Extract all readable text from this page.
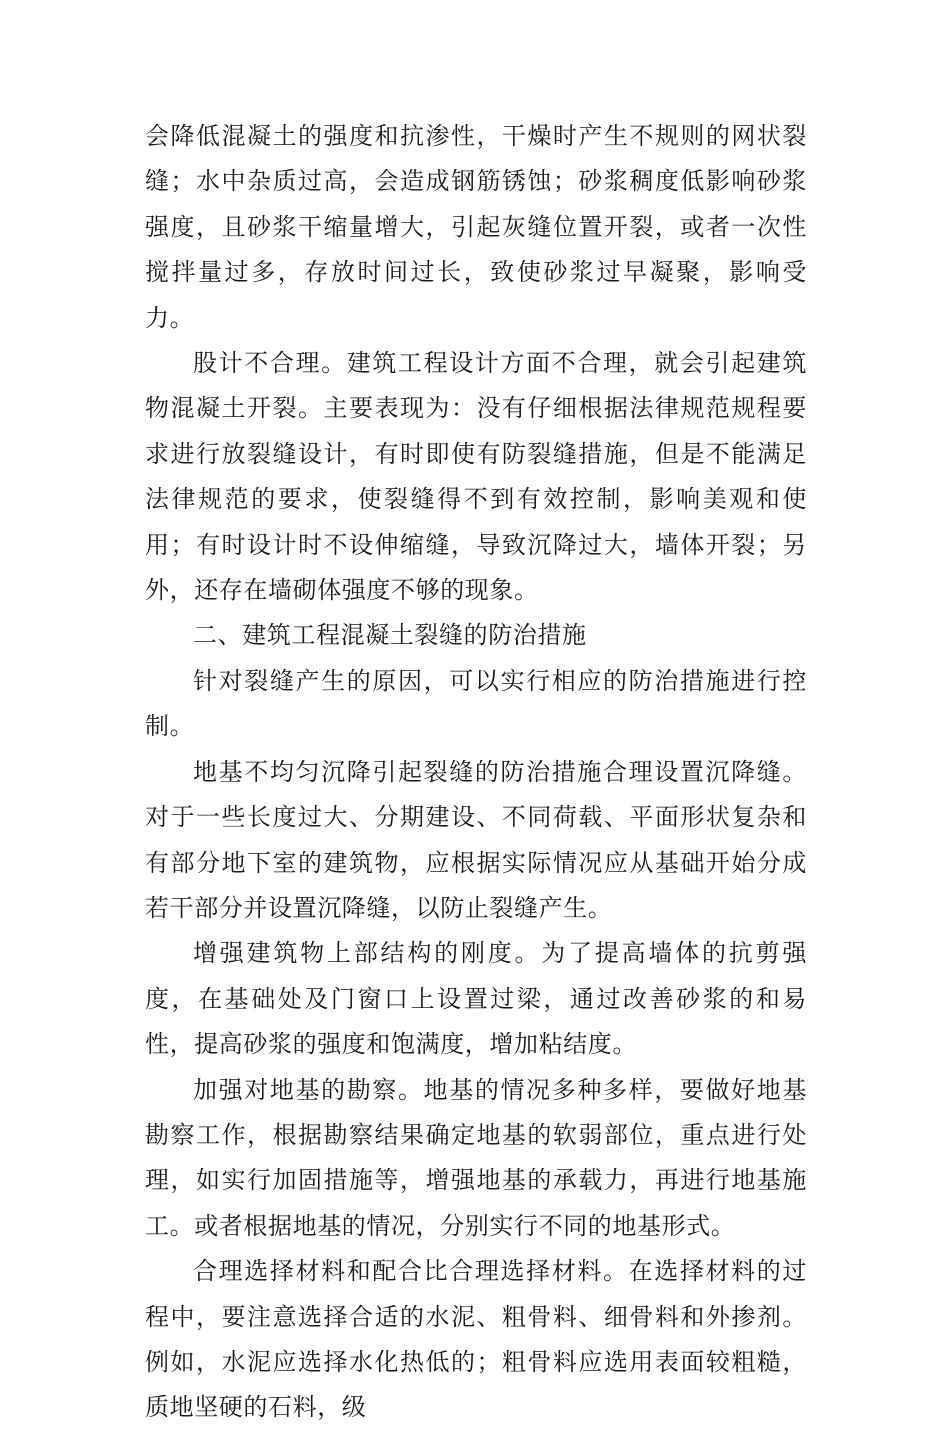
会降低混凝土的强度和抗渗性，干燥时产生不规则的网状裂缝；水中杂质过高，会造成钢筋锈蚀；砂浆稠度低影响砂浆强度，且砂浆干缩量增大，引起灰缝位置开裂，或者一次性搅拌量过多，存放时间过长，致使砂浆过早凝聚，影响受力。

股计不合理。建筑工程设计方面不合理，就会引起建筑物混凝土开裂。主要表现为：没有仔细根据法律规范规程要求进行放裂缝设计，有时即使有防裂缝措施，但是不能满足法律规范的要求，使裂缝得不到有效控制，影响美观和使用；有时设计时不设伸缩缝，导致沉降过大，墙体开裂；另外，还存在墙砌体强度不够的现象。

二、建筑工程混凝土裂缝的防治措施

针对裂缝产生的原因，可以实行相应的防治措施进行控制。

地基不均匀沉降引起裂缝的防治措施合理设置沉降缝。对于一些长度过大、分期建设、不同荷载、平面形状复杂和有部分地下室的建筑物，应根据实际情况应从基础开始分成若干部分并设置沉降缝，以防止裂缝产生。

增强建筑物上部结构的刚度。为了提高墙体的抗剪强度，在基础处及门窗口上设置过梁，通过改善砂浆的和易性，提高砂浆的强度和饱满度，增加粘结度。

加强对地基的勘察。地基的情况多种多样，要做好地基勘察工作，根据勘察结果确定地基的软弱部位，重点进行处理，如实行加固措施等，增强地基的承载力，再进行地基施工。或者根据地基的情况，分别实行不同的地基形式。

合理选择材料和配合比合理选择材料。在选择材料的过程中，要注意选择合适的水泥、粗骨料、细骨料和外掺剂。例如，水泥应选择水化热低的；粗骨料应选用表面较粗糙，质地坚硬的石料，级
